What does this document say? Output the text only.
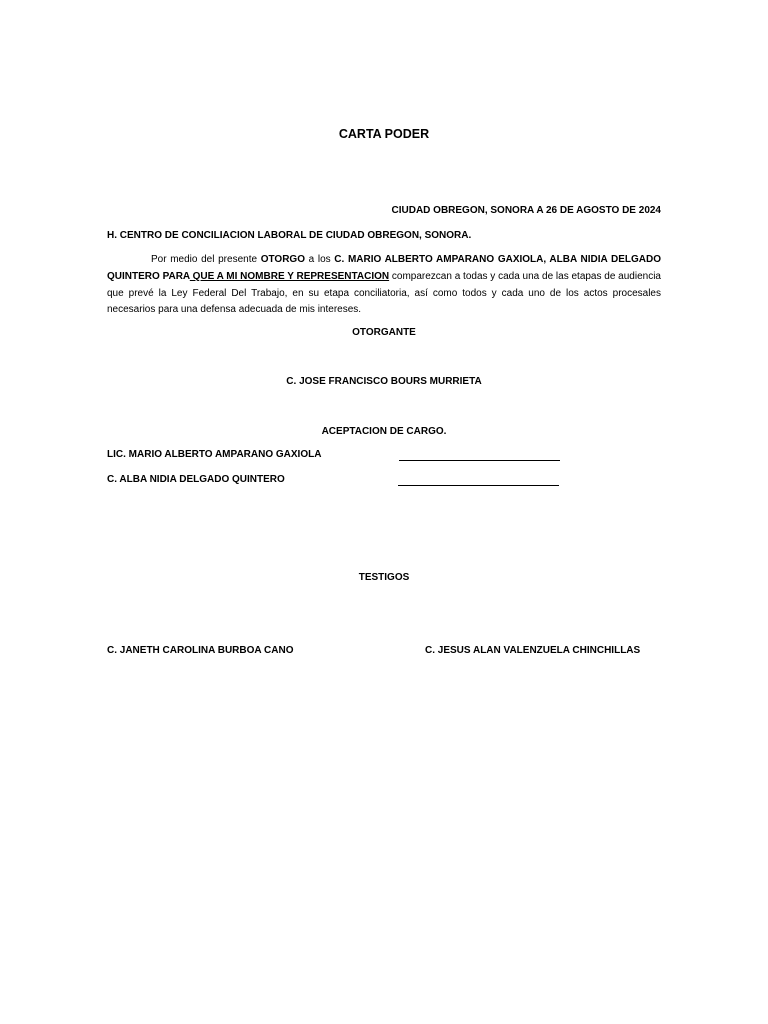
CARTA PODER
CIUDAD OBREGON, SONORA A 26 DE AGOSTO DE 2024
H. CENTRO DE CONCILIACION LABORAL DE CIUDAD OBREGON, SONORA.

Por medio del presente OTORGO a los C. MARIO ALBERTO AMPARANO GAXIOLA, ALBA NIDIA DELGADO QUINTERO PARA QUE A MI NOMBRE Y REPRESENTACION comparezcan a todas y cada una de las etapas de audiencia que prevé la Ley Federal Del Trabajo, en su etapa conciliatoria, así como todos y cada uno de los actos procesales necesarios para una defensa adecuada de mis intereses.

OTORGANTE
C. JOSE FRANCISCO BOURS MURRIETA
ACEPTACION DE CARGO.
LIC. MARIO ALBERTO AMPARANO GAXIOLA
C. ALBA NIDIA DELGADO QUINTERO
TESTIGOS
C. JANETH CAROLINA BURBOA CANO	C. JESUS ALAN VALENZUELA CHINCHILLAS
